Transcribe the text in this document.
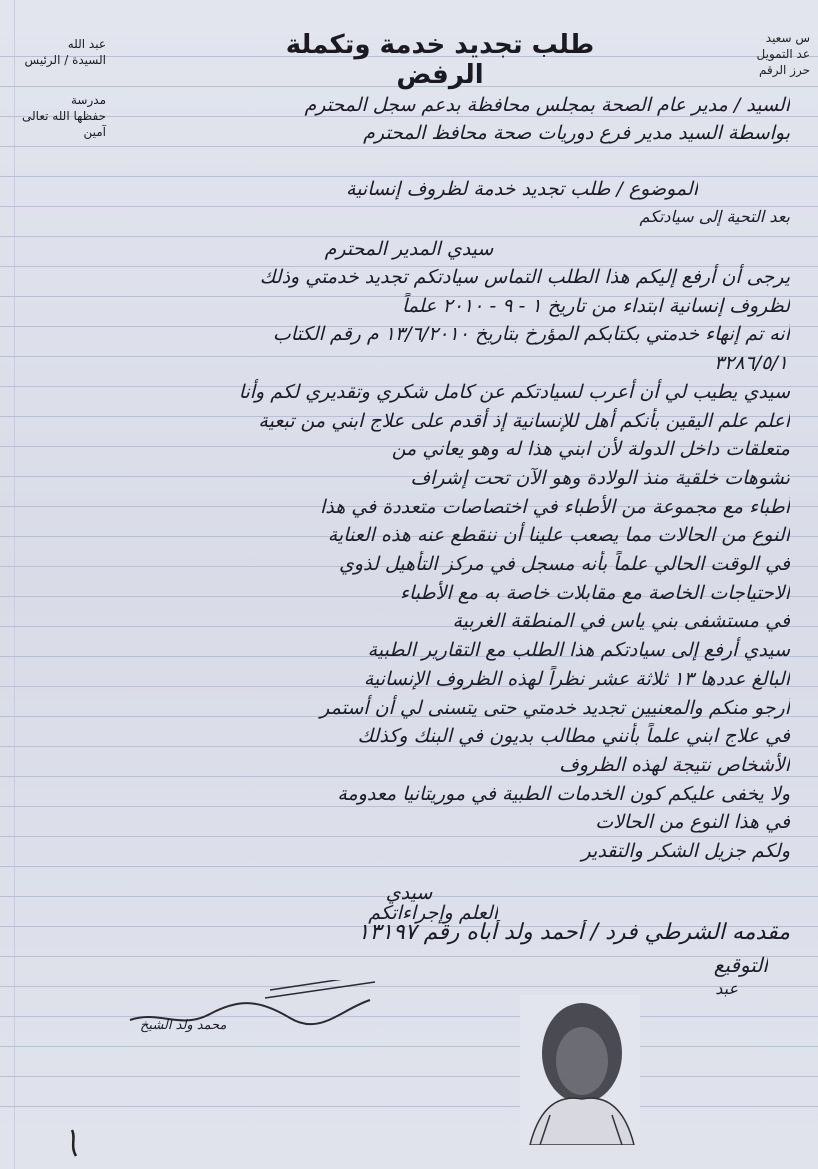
س سعيد
عد التمويل
حرز الرقم
طلب تجديد خدمة وتكملة الرفض
عبد الله
السيدة / الرئيس
مدرسة
حفظها الله تعالى
آمين
السيد / مدير عام الصحة بمجلس محافظة بدعم سجل المحترم
بواسطة السيد مدير فرع دوريات صحة محافظ المحترم
الموضوع / طلب تجديد خدمة لظروف إنسانية
بعد التحية إلى سيادتكم
سيدي المدير المحترم
يرجى أن أرفع إليكم هذا الطلب التماس سيادتكم تجديد خدمتي وذلك
لظروف إنسانية ابتداء من تاريخ ١ - ٩ - ٢٠١٠ علماً
أنه تم إنهاء خدمتي بكتابكم المؤرخ بتاريخ ١٣/٦/٢٠١٠ م رقم الكتاب
٣٢٨٦/٥/١
سيدي يطيب لي أن أعرب لسيادتكم عن كامل شكري وتقديري لكم وأنا
أعلم علم اليقين بأنكم أهل للإنسانية إذ أقدم على علاج ابني من تبعية
متعلقات داخل الدولة لأن ابني هذا له وهو يعاني من
تشوهات خلقية منذ الولادة وهو الآن تحت إشراف
أطباء مع مجموعة من الأطباء في اختصاصات متعددة في هذا
النوع من الحالات مما يصعب علينا أن ننقطع عنه هذه العناية
في الوقت الحالي علماً بأنه مسجل في مركز التأهيل لذوي
الاحتياجات الخاصة مع مقابلات خاصة به مع الأطباء
في مستشفى بني ياس في المنطقة الغربية
سيدي أرفع إلى سيادتكم هذا الطلب مع التقارير الطبية
البالغ عددها ١٣ ثلاثة عشر نظراً لهذه الظروف الإنسانية
أرجو منكم والمعنيين تجديد خدمتي حتى يتسنى لي أن أستمر
في علاج ابني علماً بأنني مطالب بديون في البنك وكذلك
الأشخاص نتيجة لهذه الظروف
ولا يخفى عليكم كون الخدمات الطبية في موريتانيا معدومة
في هذا النوع من الحالات
ولكم جزيل الشكر والتقدير
سيدي
العلم وإجراءاتكم
مقدمه الشرطي فرد / أحمد ولد أباه رقم ١٣١٩٧
التوقيع
عبد
محمد ولد الشيخ
